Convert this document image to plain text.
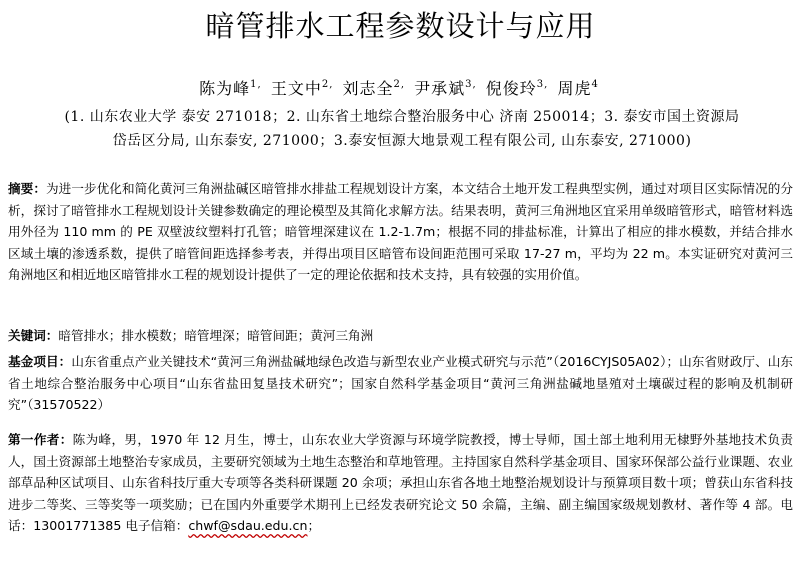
暗管排水工程参数设计与应用
陈为峰$^{1,}$ 王文中$^{2,}$ 刘志全$^{2,}$ 尹承斌$^{3,}$ 倪俊玲$^{3,}$ 周虎$^4$
(1. 山东农业大学 泰安 271018；2. 山东省土地综合整治服务中心 济南 250014；3. 泰安市国土资源局
岱岳区分局, 山东泰安, 271000；3.泰安恒源大地景观工程有限公司, 山东泰安, 271000)
摘要：为进一步优化和简化黄河三角洲盐碱区暗管排水排盐工程规划设计方案，本文结合土地开发工程典型实例，通过对项目区实际情况的分析，探讨了暗管排水工程规划设计关键参数确定的理论模型及其简化求解方法。结果表明，黄河三角洲地区宜采用单级暗管形式，暗管材料选用外径为 110 mm 的 PE 双壁波纹塑料打孔管；暗管埋深建议在 1.2-1.7m；根据不同的排盐标准，计算出了相应的排水模数，并结合排水区域土壤的渗透系数，提供了暗管间距选择参考表，并得出项目区暗管布设间距范围可采取 17-27 m，平均为 22 m。本实证研究对黄河三角洲地区和相近地区暗管排水工程的规划设计提供了一定的理论依据和技术支持，具有较强的实用价值。
关键词：暗管排水；排水模数；暗管埋深；暗管间距；黄河三角洲
基金项目：山东省重点产业关键技术“黄河三角洲盐碱地绿色改造与新型农业产业模式研究与示范”（2016CYJS05A02）；山东省财政厅、山东省土地综合整治服务中心项目“山东省盐田复垦技术研究”；国家自然科学基金项目“黄河三角洲盐碱地垦殖对土壤碳过程的影响及机制研究”（31570522）
第一作者：陈为峰，男，1970 年 12 月生，博士，山东农业大学资源与环境学院教授，博士导师，国土部土地利用无棣野外基地技术负责人，国土资源部土地整治专家成员，主要研究领域为土地生态整治和草地管理。主持国家自然科学基金项目、国家环保部公益行业课题、农业部草品种区试项目、山东省科技厅重大专项等各类科研课题 20 余项；承担山东省各地土地整治规划设计与预算项目数十项；曾获山东省科技进步二等奖、三等奖等一项奖励；已在国内外重要学术期刊上已经发表研究论文 50 余篇，主编、副主编国家级规划教材、著作等 4 部。电话：13001771385 电子信箱：chwf@sdau.edu.cn；
